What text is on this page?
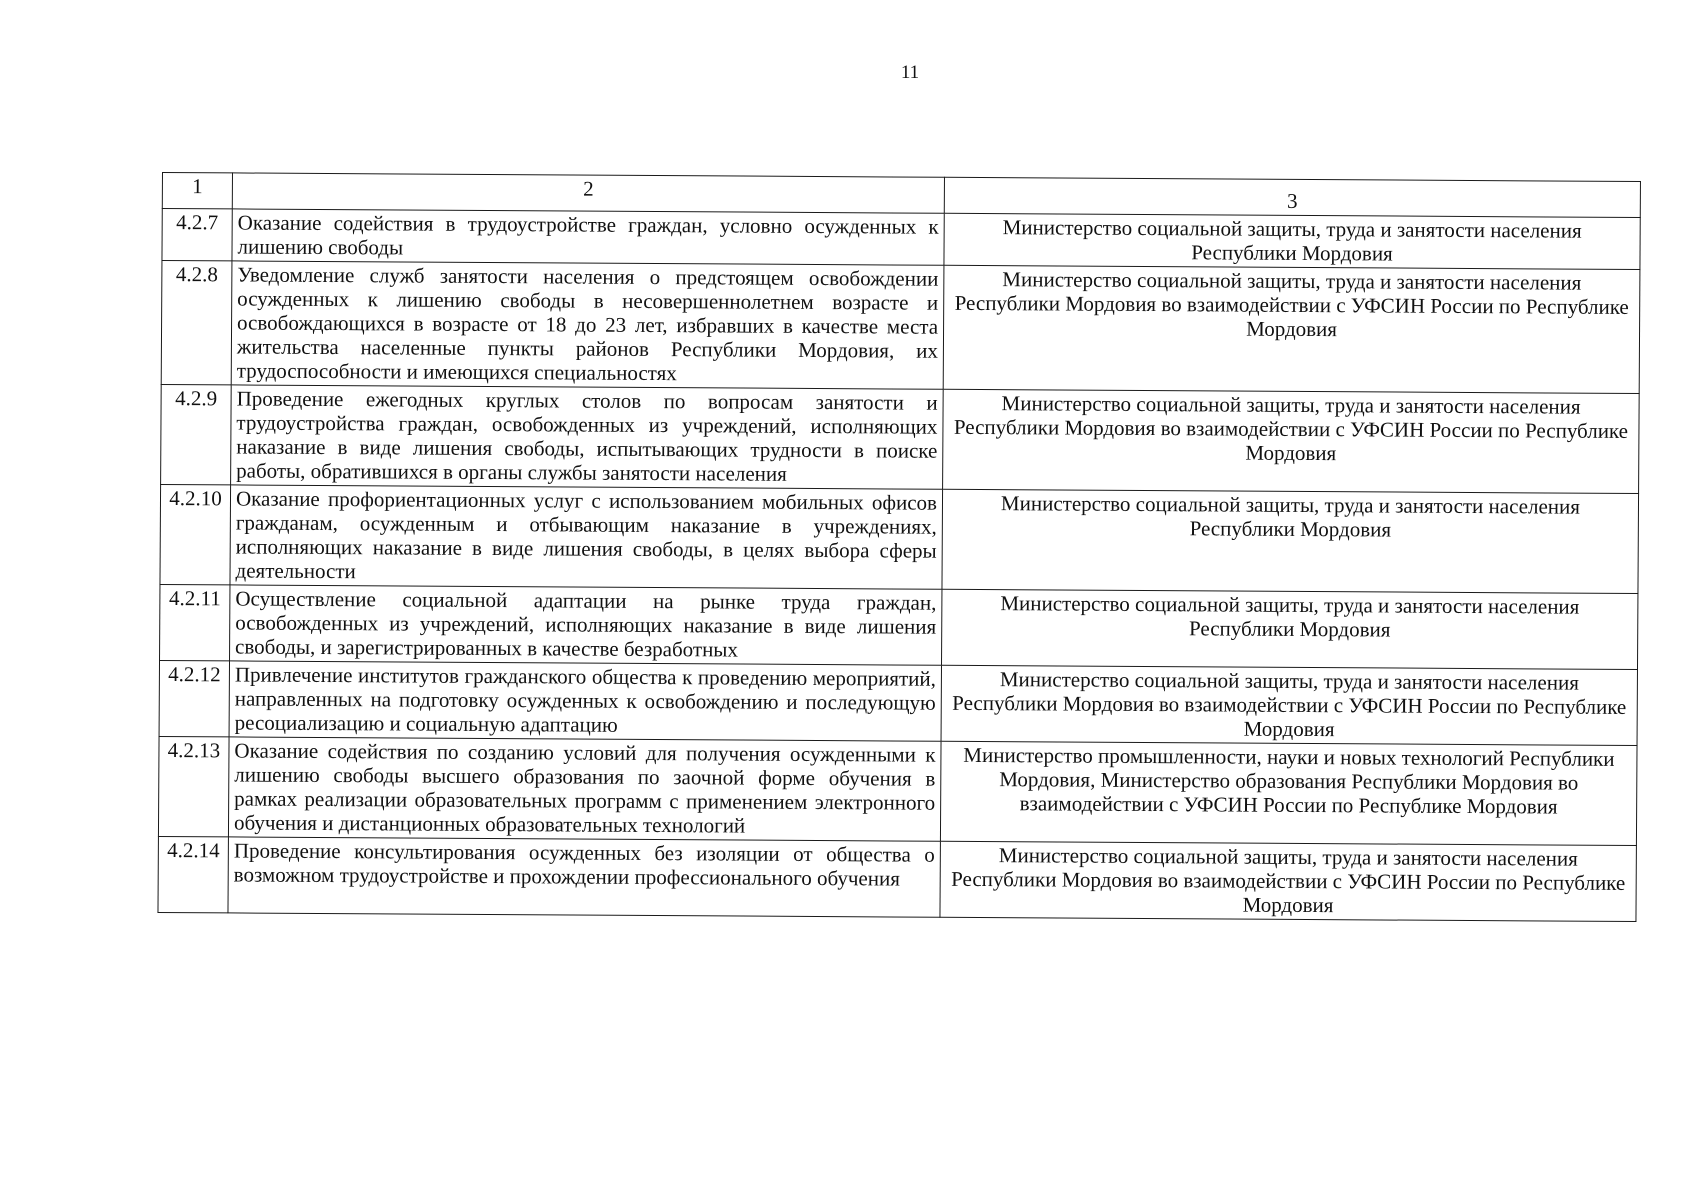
11
1	2	3
4.2.7	Оказание содействия в трудоустройстве граждан, условно осужденных к лишению свободы	Министерство социальной защиты, труда и занятости населения Республики Мордовия
4.2.8	Уведомление служб занятости населения о предстоящем освобождении осужденных к лишению свободы в несовершеннолетнем возрасте и освобождающихся в возрасте от 18 до 23 лет, избравших в качестве места жительства населенные пункты районов Республики Мордовия, их трудоспособности и имеющихся специальностях	Министерство социальной защиты, труда и занятости населения Республики Мордовия во взаимодействии с УФСИН России по Республике Мордовия
4.2.9	Проведение ежегодных круглых столов по вопросам занятости и трудоустройства граждан, освобожденных из учреждений, исполняющих наказание в виде лишения свободы, испытывающих трудности в поиске работы, обратившихся в органы службы занятости населения	Министерство социальной защиты, труда и занятости населения Республики Мордовия во взаимодействии с УФСИН России по Республике Мордовия
4.2.10	Оказание профориентационных услуг с использованием мобильных офисов гражданам, осужденным и отбывающим наказание в учреждениях, исполняющих наказание в виде лишения свободы, в целях выбора сферы деятельности	Министерство социальной защиты, труда и занятости населения Республики Мордовия
4.2.11	Осуществление социальной адаптации на рынке труда граждан, освобожденных из учреждений, исполняющих наказание в виде лишения свободы, и зарегистрированных в качестве безработных	Министерство социальной защиты, труда и занятости населения Республики Мордовия
4.2.12	Привлечение институтов гражданского общества к проведению мероприятий, направленных на подготовку осужденных к освобождению и последующую ресоциализацию и социальную адаптацию	Министерство социальной защиты, труда и занятости населения Республики Мордовия во взаимодействии с УФСИН России по Республике Мордовия
4.2.13	Оказание содействия по созданию условий для получения осужденными к лишению свободы высшего образования по заочной форме обучения в рамках реализации образовательных программ с применением электронного обучения и дистанционных образовательных технологий	Министерство промышленности, науки и новых технологий Республики Мордовия, Министерство образования Республики Мордовия во взаимодействии с УФСИН России по Республике Мордовия
4.2.14	Проведение консультирования осужденных без изоляции от общества о возможном трудоустройстве и прохождении профессионального обучения	Министерство социальной защиты, труда и занятости населения Республики Мордовия во взаимодействии с УФСИН России по Республике Мордовия
